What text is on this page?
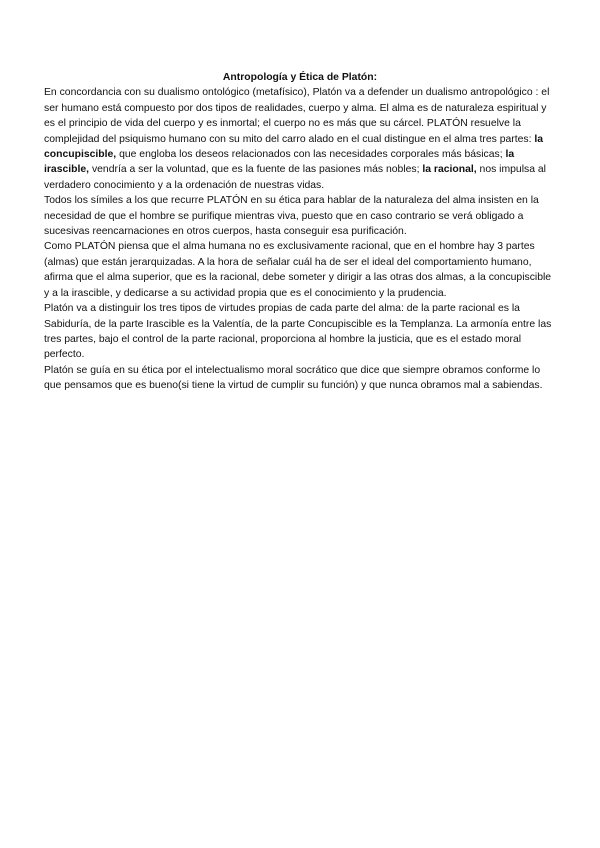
Antropología y Ética de Platón:

En concordancia con su dualismo ontológico (metafísico), Platón va a defender un dualismo antropológico : el ser humano está compuesto por dos tipos de realidades, cuerpo y alma. El alma es de naturaleza espiritual y es el principio de vida del cuerpo y es inmortal; el cuerpo no es más que su cárcel. PLATÓN resuelve la complejidad del psiquismo humano con su mito del carro alado en el cual distingue en el alma tres partes: la concupiscible, que engloba los deseos relacionados con las necesidades corporales más básicas; la irascible, vendría a ser la voluntad, que es la fuente de las pasiones más nobles; la racional, nos impulsa al verdadero conocimiento y a la ordenación de nuestras vidas.

Todos los símiles a los que recurre PLATÓN en su ética para hablar de la naturaleza del alma insisten en la necesidad de que el hombre se purifique mientras viva, puesto que en caso contrario se verá obligado a sucesivas reencarnaciones en otros cuerpos, hasta conseguir esa purificación.

Como PLATÓN piensa que el alma humana no es exclusivamente racional, que en el hombre hay 3 partes (almas) que están jerarquizadas. A la hora de señalar cuál ha de ser el ideal del comportamiento humano, afirma que el alma superior, que es la racional, debe someter y dirigir a las otras dos almas, a la concupiscible y a la irascible, y dedicarse a su actividad propia que es el conocimiento y la prudencia.

Platón va a distinguir los tres tipos de virtudes propias de cada parte del alma: de la parte racional es la Sabiduría, de la parte Irascible es la Valentía, de la parte Concupiscible es la Templanza. La armonía entre las tres partes, bajo el control de la parte racional, proporciona al hombre la justicia, que es el estado moral perfecto.

Platón se guía en su ética por el intelectualismo moral socrático que dice que siempre obramos conforme lo que pensamos que es bueno(si tiene la virtud de cumplir su función) y que nunca obramos mal a sabiendas.
